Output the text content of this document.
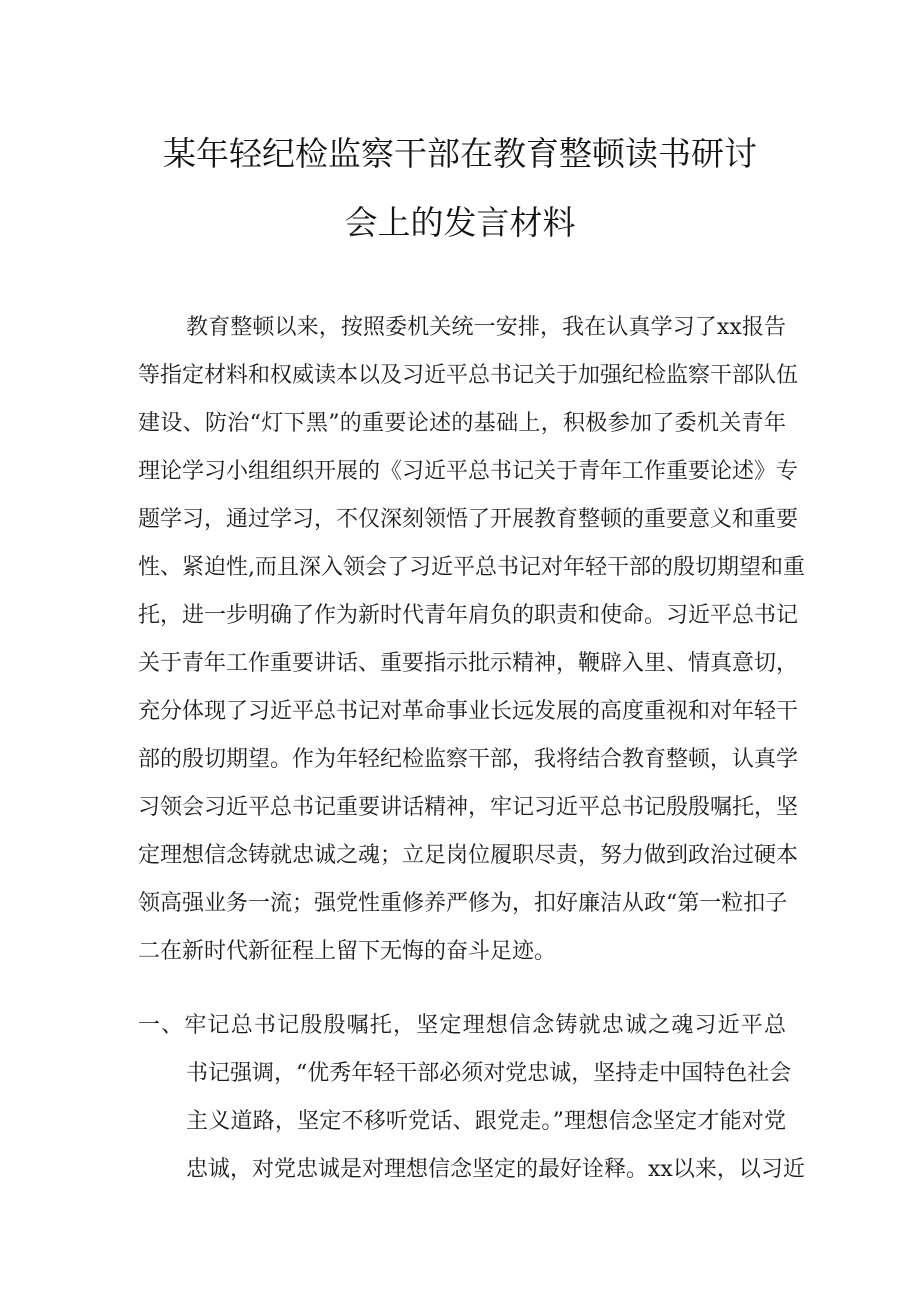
某年轻纪检监察干部在教育整顿读书研讨
会上的发言材料
教育整顿以来，按照委机关统一安排，我在认真学习了xx报告
等指定材料和权威读本以及习近平总书记关于加强纪检监察干部队伍
建设、防治“灯下黑”的重要论述的基础上，积极参加了委机关青年
理论学习小组组织开展的《习近平总书记关于青年工作重要论述》专
题学习，通过学习，不仅深刻领悟了开展教育整顿的重要意义和重要
性、紧迫性,而且深入领会了习近平总书记对年轻干部的殷切期望和重
托，进一步明确了作为新时代青年肩负的职责和使命。习近平总书记
关于青年工作重要讲话、重要指示批示精神，鞭辟入里、情真意切，
充分体现了习近平总书记对革命事业长远发展的高度重视和对年轻干
部的殷切期望。作为年轻纪检监察干部，我将结合教育整顿，认真学
习领会习近平总书记重要讲话精神，牢记习近平总书记殷殷嘱托，坚
定理想信念铸就忠诚之魂；立足岗位履职尽责，努力做到政治过硬本
领高强业务一流；强党性重修养严修为，扣好廉洁从政“第一粒扣子
二在新时代新征程上留下无悔的奋斗足迹。
一、牢记总书记殷殷嘱托，坚定理想信念铸就忠诚之魂习近平总
书记强调，“优秀年轻干部必须对党忠诚，坚持走中国特色社会
主义道路，坚定不移听党话、跟党走。”理想信念坚定才能对党
忠诚，对党忠诚是对理想信念坚定的最好诠释。xx以来，以习近
